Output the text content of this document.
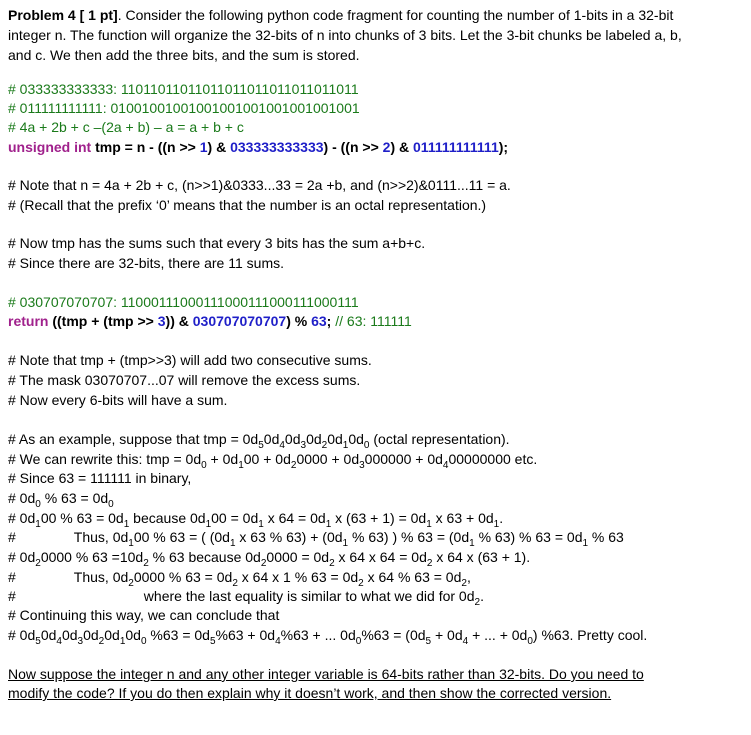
Problem 4 [ 1 pt]. Consider the following python code fragment for counting the number of 1-bits in a 32-bit
integer n. The function will organize the 32-bits of n into chunks of 3 bits. Let the 3-bit chunks be labeled a, b,
and c. We then add the three bits, and the sum is stored.
# 033333333333: 11011011011011011011011011011011
# 011111111111: 01001001001001001001001001001001
# 4a + 2b + c –(2a + b) – a = a + b + c
unsigned int tmp = n - ((n >> 1) & 033333333333) - ((n >> 2) & 011111111111);
# Note that n = 4a + 2b + c, (n>>1)&0333...33 = 2a +b, and (n>>2)&0111...11 = a.
# (Recall that the prefix ‘0’ means that the number is an octal representation.)
# Now tmp has the sums such that every 3 bits has the sum a+b+c.
# Since there are 32-bits, there are 11 sums.
# 030707070707: 11000111000111000111000111000111
return ((tmp + (tmp >> 3)) & 030707070707) % 63; // 63: 111111
# Note that tmp + (tmp>>3) will add two consecutive sums.
# The mask 03070707...07 will remove the excess sums.
# Now every 6-bits will have a sum.
# As an example, suppose that tmp = $0d_50d_40d_30d_20d_10d_0$ (octal representation).
# We can rewrite this: tmp = $0d_0 + 0d_100 + 0d_20000 + 0d_3000000 + 0d_400000000$ etc.
# Since 63 = 111111 in binary,
# $0d_0$ % $63 = 0d_0$
# $0d_100$ % $63 = 0d_1$ because $0d_100 = 0d_1$ x $64 = 0d_1$ x $(63 + 1) = 0d_1$ x $63 + 0d_1$.
#	Thus, $0d_100$ % 63 = ( ($0d_1$ x 63 % $63) + (0d_1$ % 63) ) % $63 = (0d_1$ % 63) % $63 = 0d_1$ % 63
# $0d_20000$ % $63 =10d_2$ % 63 because $0d_20000 = 0d_2$ x 64 x $64 = 0d_2$ x 64 x (63 + 1).
#	Thus, $0d_20000$ % $63 = 0d_2$ x 64 x 1 % $63 = 0d_2$ x 64 % $63 = 0d_2$,
#	where the last equality is similar to what we did for $0d_2$.
# Continuing this way, we can conclude that
# $0d_50d_40d_30d_20d_10d_0$ $\%63 = 0d_5\%63 + 0d_4\%63$ + ... $0d_0\%63 = (0d_5 + 0d_4$ + ... + $0d_0$) %63. Pretty cool.
Now suppose the integer n and any other integer variable is 64-bits rather than 32-bits. Do you need to
modify the code? If you do then explain why it doesn’t work, and then show the corrected version.
